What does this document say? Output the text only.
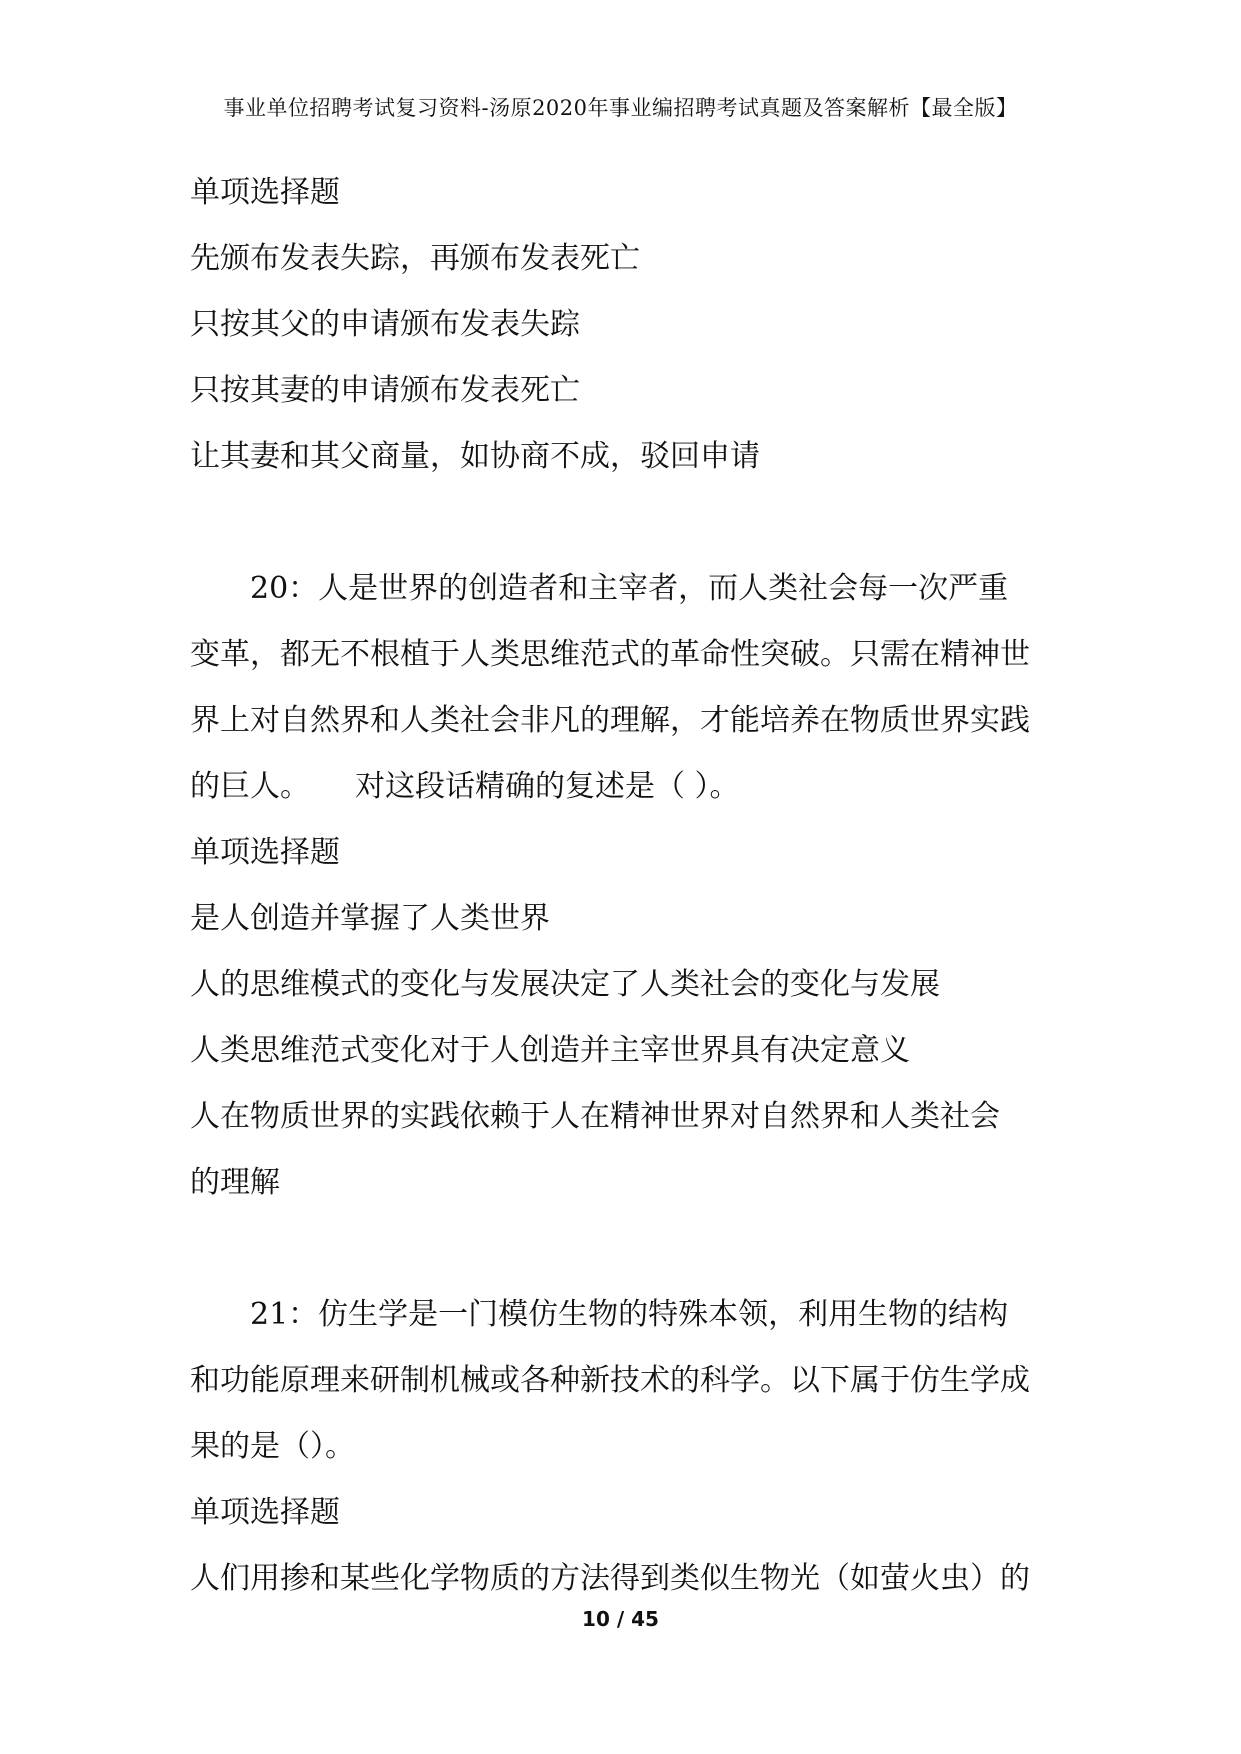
事业单位招聘考试复习资料-汤原2020年事业编招聘考试真题及答案解析【最全版】
单项选择题
先颁布发表失踪，再颁布发表死亡
只按其父的申请颁布发表失踪
只按其妻的申请颁布发表死亡
让其妻和其父商量，如协商不成，驳回申请
20：人是世界的创造者和主宰者，而人类社会每一次严重
变革，都无不根植于人类思维范式的革命性突破。只需在精神世
界上对自然界和人类社会非凡的理解，才能培养在物质世界实践
的巨人。　　对这段话精确的复述是（ ）。
单项选择题
是人创造并掌握了人类世界
人的思维模式的变化与发展决定了人类社会的变化与发展
人类思维范式变化对于人创造并主宰世界具有决定意义
人在物质世界的实践依赖于人在精神世界对自然界和人类社会
的理解
21：仿生学是一门模仿生物的特殊本领，利用生物的结构
和功能原理来研制机械或各种新技术的科学。以下属于仿生学成
果的是（）。
单项选择题
人们用掺和某些化学物质的方法得到类似生物光（如萤火虫）的
10 / 45
